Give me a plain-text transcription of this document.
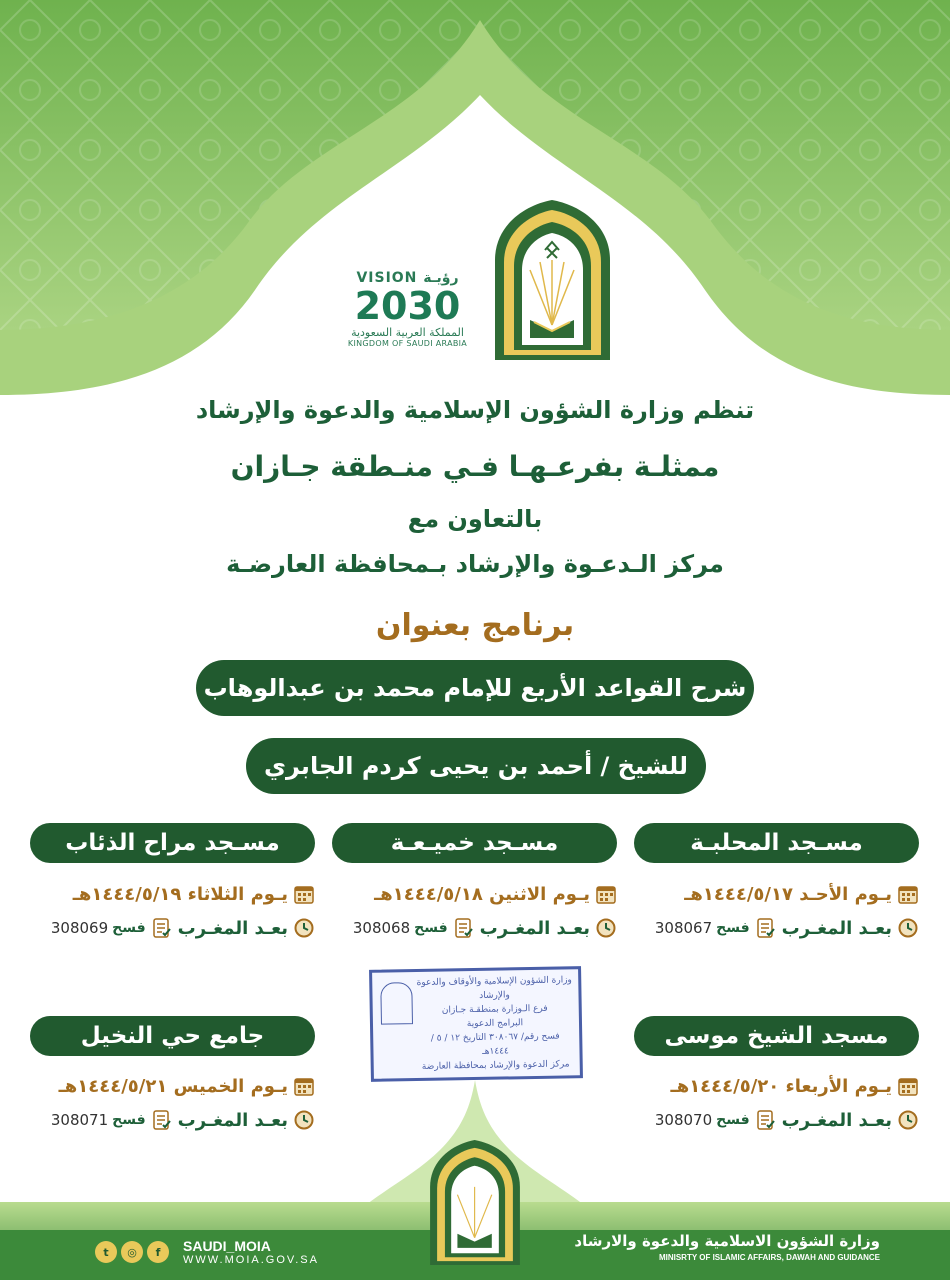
VISION رؤيـة
2030
المملكة العربية السعودية
KINGDOM OF SAUDI ARABIA
تنظم وزارة الشؤون الإسلامية والدعوة والإرشاد
ممثلـة بفرعـهـا فـي منـطقة جـازان
بالتعاون مع
مركز الـدعـوة والإرشاد بـمحافظة العارضـة
برنامج بعنوان
شرح القواعد الأربع للإمام محمد بن عبدالوهاب
للشيخ / أحمد بن يحيى كردم الجابري
مسـجد المحلبـة
يـوم الأحـد ١٤٤٤/٥/١٧هـ
بعـد المغـرب
فسح
308067
مسـجد خميـعـة
يـوم الاثنين ١٤٤٤/٥/١٨هـ
بعـد المغـرب
فسح
308068
مسـجد مراح الذئاب
يـوم الثلاثاء ١٤٤٤/٥/١٩هـ
بعـد المغـرب
فسح
308069
وزارة الشؤون الإسلامية والأوقاف والدعوة والإرشاد
فرع الـوزارة بمنطقـة جـازان
البرامج الدعوية
فسح رقم/ ٣٠٨٠٦٧ التاريخ ١٢ / ٥ / ١٤٤٤هـ
مركز الدعوة والإرشاد بمحافظة العارضة
مسجد الشيخ موسى سلمان
يـوم الأربعاء ١٤٤٤/٥/٢٠هـ
بعـد المغـرب
فسح
308070
جامع حي النخيل
يـوم الخميس ١٤٤٤/٥/٢١هـ
بعـد المغـرب
فسح
308071
t	◎	f	SAUDI_MOIA
WWW.MOIA.GOV.SA
وزارة الشؤون الاسلامية والدعوة والارشاد
MINISRTY OF ISLAMIC AFFAIRS, DAWAH AND GUIDANCE
